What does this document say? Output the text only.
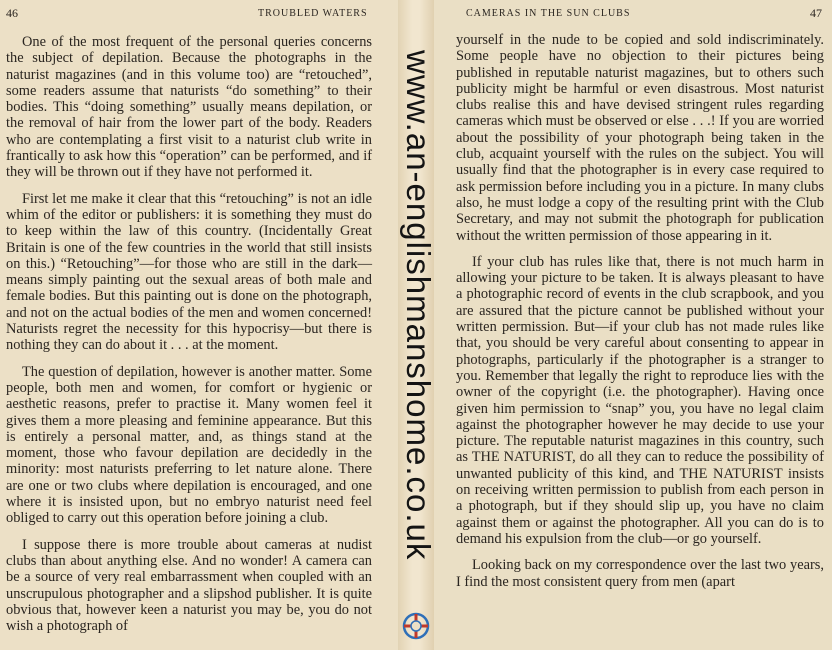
46	TROUBLED WATERS

One of the most frequent of the personal queries concerns the subject of depilation. Because the photographs in the naturist magazines (and in this volume too) are “retouched”, some readers assume that naturists “do something” to their bodies. This “doing something” usually means depilation, or the removal of hair from the lower part of the body. Readers who are contemplating a first visit to a naturist club write in frantically to ask how this “operation” can be performed, and if they will be thrown out if they have not performed it.

First let me make it clear that this “retouching” is not an idle whim of the editor or publishers: it is something they must do to keep within the law of this country. (Incidentally Great Britain is one of the few countries in the world that still insists on this.) “Retouching”—for those who are still in the dark—means simply painting out the sexual areas of both male and female bodies. But this painting out is done on the photograph, and not on the actual bodies of the men and women concerned! Naturists regret the necessity for this hypocrisy—but there is nothing they can do about it . . . at the moment.

The question of depilation, however is another matter. Some people, both men and women, for comfort or hygienic or aesthetic reasons, prefer to practise it. Many women feel it gives them a more pleasing and feminine appearance. But this is entirely a personal matter, and, as things stand at the moment, those who favour depilation are decidedly in the minority: most naturists preferring to let nature alone. There are one or two clubs where depilation is encouraged, and one where it is insisted upon, but no embryo naturist need feel obliged to carry out this operation before joining a club.

I suppose there is more trouble about cameras at nudist clubs than about anything else. And no wonder! A camera can be a source of very real embarrassment when coupled with an unscrupulous photographer and a slipshod publisher. It is quite obvious that, however keen a naturist you may be, you do not wish a photograph of

CAMERAS IN THE SUN CLUBS	47

yourself in the nude to be copied and sold indiscriminately. Some people have no objection to their pictures being published in reputable naturist magazines, but to others such publicity might be harmful or even disastrous. Most naturist clubs realise this and have devised stringent rules regarding cameras which must be observed or else . . .! If you are worried about the possibility of your photograph being taken in the club, acquaint yourself with the rules on the subject. You will usually find that the photographer is in every case required to ask permission before including you in a picture. In many clubs also, he must lodge a copy of the resulting print with the Club Secretary, and may not submit the photograph for publication without the written permission of those appearing in it.

If your club has rules like that, there is not much harm in allowing your picture to be taken. It is always pleasant to have a photographic record of events in the club scrapbook, and you are assured that the picture cannot be published without your written permission. But—if your club has not made rules like that, you should be very careful about consenting to appear in photographs, particularly if the photographer is a stranger to you. Remember that legally the right to reproduce lies with the owner of the copyright (i.e. the photographer). Having once given him permission to “snap” you, you have no legal claim against the photographer however he may decide to use your picture. The reputable naturist magazines in this country, such as THE NATURIST, do all they can to reduce the possibility of unwanted publicity of this kind, and THE NATURIST insists on receiving written permission to publish from each person in a photograph, but if they should slip up, you have no claim against them or against the photographer. All you can do is to demand his expulsion from the club—or go yourself.

Looking back on my correspondence over the last two years, I find the most consistent query from men (apart

www.an-englishmanshome.co.uk
